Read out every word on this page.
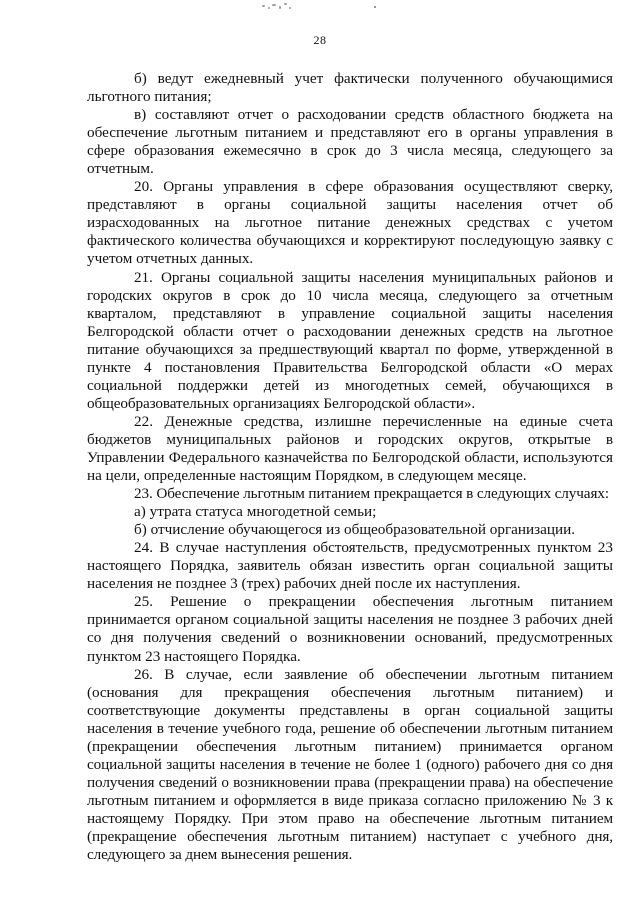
28

б) ведут ежедневный учет фактически полученного обучающимися льготного питания;

в) составляют отчет о расходовании средств областного бюджета на обеспечение льготным питанием и представляют его в органы управления в сфере образования ежемесячно в срок до 3 числа месяца, следующего за отчетным.

20. Органы управления в сфере образования осуществляют сверку, представляют в органы социальной защиты населения отчет об израсходованных на льготное питание денежных средствах с учетом фактического количества обучающихся и корректируют последующую заявку с учетом отчетных данных.

21. Органы социальной защиты населения муниципальных районов и городских округов в срок до 10 числа месяца, следующего за отчетным кварталом, представляют в управление социальной защиты населения Белгородской области отчет о расходовании денежных средств на льготное питание обучающихся за предшествующий квартал по форме, утвержденной в пункте 4 постановления Правительства Белгородской области «О мерах социальной поддержки детей из многодетных семей, обучающихся в общеобразовательных организациях Белгородской области».

22. Денежные средства, излишне перечисленные на единые счета бюджетов муниципальных районов и городских округов, открытые в Управлении Федерального казначейства по Белгородской области, используются на цели, определенные настоящим Порядком, в следующем месяце.

23. Обеспечение льготным питанием прекращается в следующих случаях:

а) утрата статуса многодетной семьи;

б) отчисление обучающегося из общеобразовательной организации.

24. В случае наступления обстоятельств, предусмотренных пунктом 23 настоящего Порядка, заявитель обязан известить орган социальной защиты населения не позднее 3 (трех) рабочих дней после их наступления.

25. Решение о прекращении обеспечения льготным питанием принимается органом социальной защиты населения не позднее 3 рабочих дней со дня получения сведений о возникновении оснований, предусмотренных пунктом 23 настоящего Порядка.

26. В случае, если заявление об обеспечении льготным питанием (основания для прекращения обеспечения льготным питанием) и соответствующие документы представлены в орган социальной защиты населения в течение учебного года, решение об обеспечении льготным питанием (прекращении обеспечения льготным питанием) принимается органом социальной защиты населения в течение не более 1 (одного) рабочего дня со дня получения сведений о возникновении права (прекращении права) на обеспечение льготным питанием и оформляется в виде приказа согласно приложению № 3 к настоящему Порядку. При этом право на обеспечение льготным питанием (прекращение обеспечения льготным питанием) наступает с учебного дня, следующего за днем вынесения решения.
